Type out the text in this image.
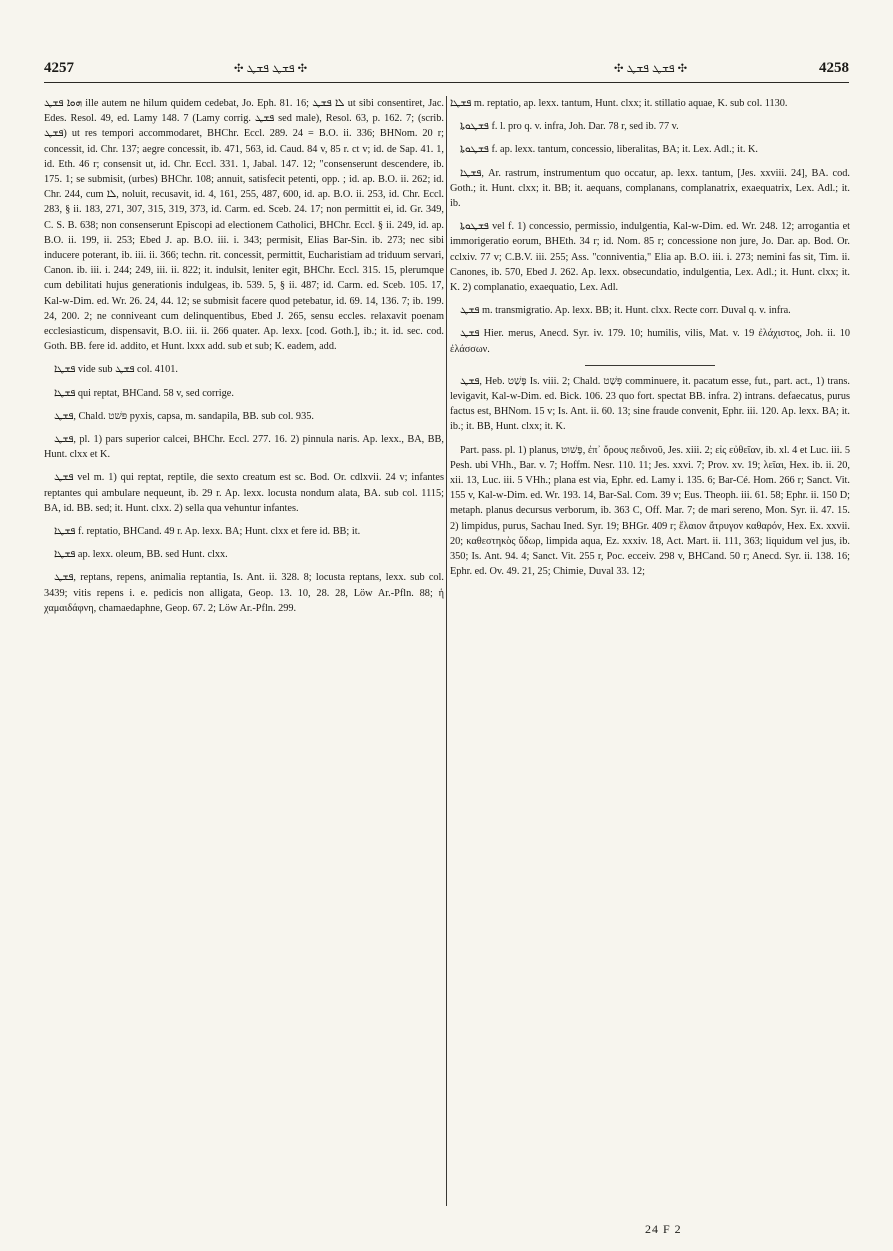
4257	✣ ܦܫܛ ܦܫܛ ✣	✣ ܦܫܛ ܦܫܛ ✣	4258

ܗܘܐ ܦܫܛ ille autem ne hilum quidem cedebat, Jo. Eph. 81. 16; ܠܐ ܦܫܛ ut sibi consentiret, Jac. Edes. Resol. 49, ed. Lamy 148. 7 (Lamy corrig. ܦܫܛ sed male), Resol. 63, p. 162. 7; (scrib. ܦܫܛ) ut res tempori accommodaret, BHChr. Eccl. 289. 24 = B.O. ii. 336; BHNom. 20 r; concessit, id. Chr. 137; aegre concessit, ib. 471, 563, id. Caud. 84 v, 85 r. ct v; id. de Sap. 41. 1, id. Eth. 46 r; consensit ut, id. Chr. Eccl. 331. 1, Jabal. 147. 12; "consenserunt descendere, ib. 175. 1; se submisit, (urbes) BHChr. 108; annuit, satisfecit petenti, opp. ; id. ap. B.O. ii. 262; id. Chr. 244, cum ܠܐ, noluit, recusavit, id. 4, 161, 255, 487, 600, id. ap. B.O. ii. 253, id. Chr. Eccl. 283, § ii. 183, 271, 307, 315, 319, 373, id. Carm. ed. Sceb. 24. 17; non permittit ei, id. Gr. 349, C. S. B. 638; non consenserunt Episcopi ad electionem Catholici, BHChr. Eccl. § ii. 249, id. ap. B.O. ii. 199, ii. 253; Ebed J. ap. B.O. iii. i. 343; permisit, Elias Bar-Sin. ib. 273; nec sibi inducere poterant, ib. iii. ii. 366; techn. rit. concessit, permittit, Eucharistiam ad triduum servari, Canon. ib. iii. i. 244; 249, iii. ii. 822; it. indulsit, leniter egit, BHChr. Eccl. 315. 15, plerumque cum debilitati hujus generationis indulgeas, ib. 539. 5, § ii. 487; id. Carm. ed. Sceb. 105. 17, Kal-w-Dim. ed. Wr. 26. 24, 44. 12; se submisit facere quod petebatur, id. 69. 14, 136. 7; ib. 199. 24, 200. 2; ne conniveant cum delinquentibus, Ebed J. 265, sensu eccles. relaxavit poenam ecclesiasticum, dispensavit, B.O. iii. ii. 266 quater. Ap. lexx. [cod. Goth.], ib.; it. id. sec. cod. Goth. BB. fere id. addito, et Hunt. lxxx add. sub et sub; K. eadem, add.

ܦܫܛܐ vide sub ܦܫܛ col. 4101.

ܦܫܛܐ qui reptat, BHCand. 58 v, sed corrige.

ܦܫܛ, Chald. פּשׁט pyxis, capsa, m. sandapila, BB. sub col. 935.

ܦܫܛ, pl. 1) pars superior calcei, BHChr. Eccl. 277. 16. 2) pinnula naris. Ap. lexx., BA, BB, Hunt. clxx et K.

ܦܫܛ vel m. 1) qui reptat, reptile, die sexto creatum est sc. Bod. Or. cdlxvii. 24 v; infantes reptantes qui ambulare nequeunt, ib. 29 r. Ap. lexx. locusta nondum alata, BA. sub col. 1115; BA, id. BB. sed; it. Hunt. clxx. 2) sella qua vehuntur infantes.

ܦܫܛܐ f. reptatio, BHCand. 49 r. Ap. lexx. BA; Hunt. clxx et fere id. BB; it.

ܦܫܛܐ ap. lexx. oleum, BB. sed Hunt. clxx.

ܦܫܛ, reptans, repens, animalia reptantia, Is. Ant. ii. 328. 8; locusta reptans, lexx. sub col. 3439; vitis repens i. e. pedicis non alligata, Geop. 13. 10, 28. 28, Löw Ar.-Pfln. 88; ἡ χαμαιδάφνη, chamaedaphne, Geop. 67. 2; Löw Ar.-Pfln. 299.

ܦܫܛܐ m. reptatio, ap. lexx. tantum, Hunt. clxx; it. stillatio aquae, K. sub col. 1130.

ܦܫܛܘܬܐ f. l. pro q. v. infra, Joh. Dar. 78 r, sed ib. 77 v.

ܦܫܛܘܬܐ f. ap. lexx. tantum, concessio, liberalitas, BA; it. Lex. Adl.; it. K.

ܦܫܛܐ, Ar. rastrum, instrumentum quo occatur, ap. lexx. tantum, [Jes. xxviii. 24], BA. cod. Goth.; it. Hunt. clxx; it. BB; it. aequans, complanans, complanatrix, exaequatrix, Lex. Adl.; it. ib.

ܦܫܛܘܬܐ vel f. 1) concessio, permissio, indulgentia, Kal-w-Dim. ed. Wr. 248. 12; arrogantia et immorigeratio eorum, BHEth. 34 r; id. Nom. 85 r; concessione non jure, Jo. Dar. ap. Bod. Or. cclxiv. 77 v; C.B.V. iii. 255; Ass. "conniventia," Elia ap. B.O. iii. i. 273; nemini fas sit, Tim. ii. Canones, ib. 570, Ebed J. 262. Ap. lexx. obsecundatio, indulgentia, Lex. Adl.; it. Hunt. clxx; it. K. 2) complanatio, exaequatio, Lex. Adl.

ܦܫܛ m. transmigratio. Ap. lexx. BB; it. Hunt. clxx. Recte corr. Duval q. v. infra.

ܦܫܛ Hier. merus, Anecd. Syr. iv. 179. 10; humilis, vilis, Mat. v. 19 ἐλάχιστος, Joh. ii. 10 ἐλάσσων.

ܦܫܛ, Heb. פָּשַׁט Is. viii. 2; Chald. פְּשַׁט comminuere, it. pacatum esse, fut., part. act., 1) trans. levigavit, Kal-w-Dim. ed. Bick. 106. 23 quo fort. spectat BB. infra. 2) intrans. defaecatus, purus factus est, BHNom. 15 v; Is. Ant. ii. 60. 13; sine fraude convenit, Ephr. iii. 120. Ap. lexx. BA; it. ib.; it. BB, Hunt. clxx; it. K.

Part. pass. pl. 1) planus, פָּשׁוּט, ἐπ᾽ ὄρους πεδινοῦ, Jes. xiii. 2; εἰς εὐθεῖαν, ib. xl. 4 et Luc. iii. 5 Pesh. ubi VHh., Bar. v. 7; Hoffm. Nesr. 110. 11; Jes. xxvi. 7; Prov. xv. 19; λεῖαι, Hex. ib. ii. 20, xii. 13, Luc. iii. 5 VHh.; plana est via, Ephr. ed. Lamy i. 135. 6; Bar-Cé. Hom. 266 r; Sanct. Vit. 155 v, Kal-w-Dim. ed. Wr. 193. 14, Bar-Sal. Com. 39 v; Eus. Theoph. iii. 61. 58; Ephr. ii. 150 D; metaph. planus decursus verborum, ib. 363 C, Off. Mar. 7; de mari sereno, Mon. Syr. ii. 47. 15. 2) limpidus, purus, Sachau Ined. Syr. 19; BHGr. 409 r; ἔλαιον ἄτρυγον καθαρόν, Hex. Ex. xxvii. 20; καθεστηκὸς ὕδωρ, limpida aqua, Ez. xxxiv. 18, Act. Mart. ii. 111, 363; liquidum vel jus, ib. 350; Is. Ant. 94. 4; Sanct. Vit. 255 r, Poc. ecceiv. 298 v, BHCand. 50 r; Anecd. Syr. ii. 138. 16; Ephr. ed. Ov. 49. 21, 25; Chimie, Duval 33. 12;

24 F 2
